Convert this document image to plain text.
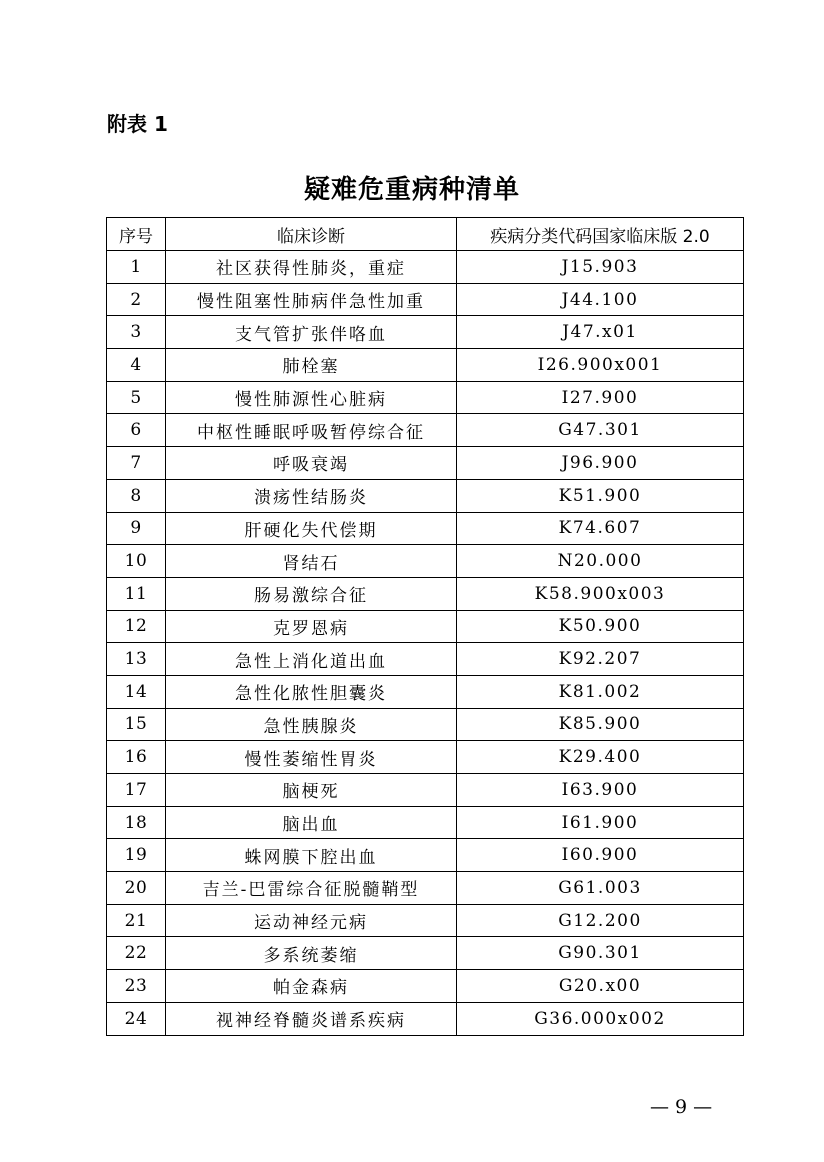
附表 1
疑难危重病种清单
序号	临床诊断	疾病分类代码国家临床版 2.0
1	社区获得性肺炎，重症	J15.903
2	慢性阻塞性肺病伴急性加重	J44.100
3	支气管扩张伴咯血	J47.x01
4	肺栓塞	I26.900x001
5	慢性肺源性心脏病	I27.900
6	中枢性睡眠呼吸暂停综合征	G47.301
7	呼吸衰竭	J96.900
8	溃疡性结肠炎	K51.900
9	肝硬化失代偿期	K74.607
10	肾结石	N20.000
11	肠易激综合征	K58.900x003
12	克罗恩病	K50.900
13	急性上消化道出血	K92.207
14	急性化脓性胆囊炎	K81.002
15	急性胰腺炎	K85.900
16	慢性萎缩性胃炎	K29.400
17	脑梗死	I63.900
18	脑出血	I61.900
19	蛛网膜下腔出血	I60.900
20	吉兰-巴雷综合征脱髓鞘型	G61.003
21	运动神经元病	G12.200
22	多系统萎缩	G90.301
23	帕金森病	G20.x00
24	视神经脊髓炎谱系疾病	G36.000x002
— 9 —
